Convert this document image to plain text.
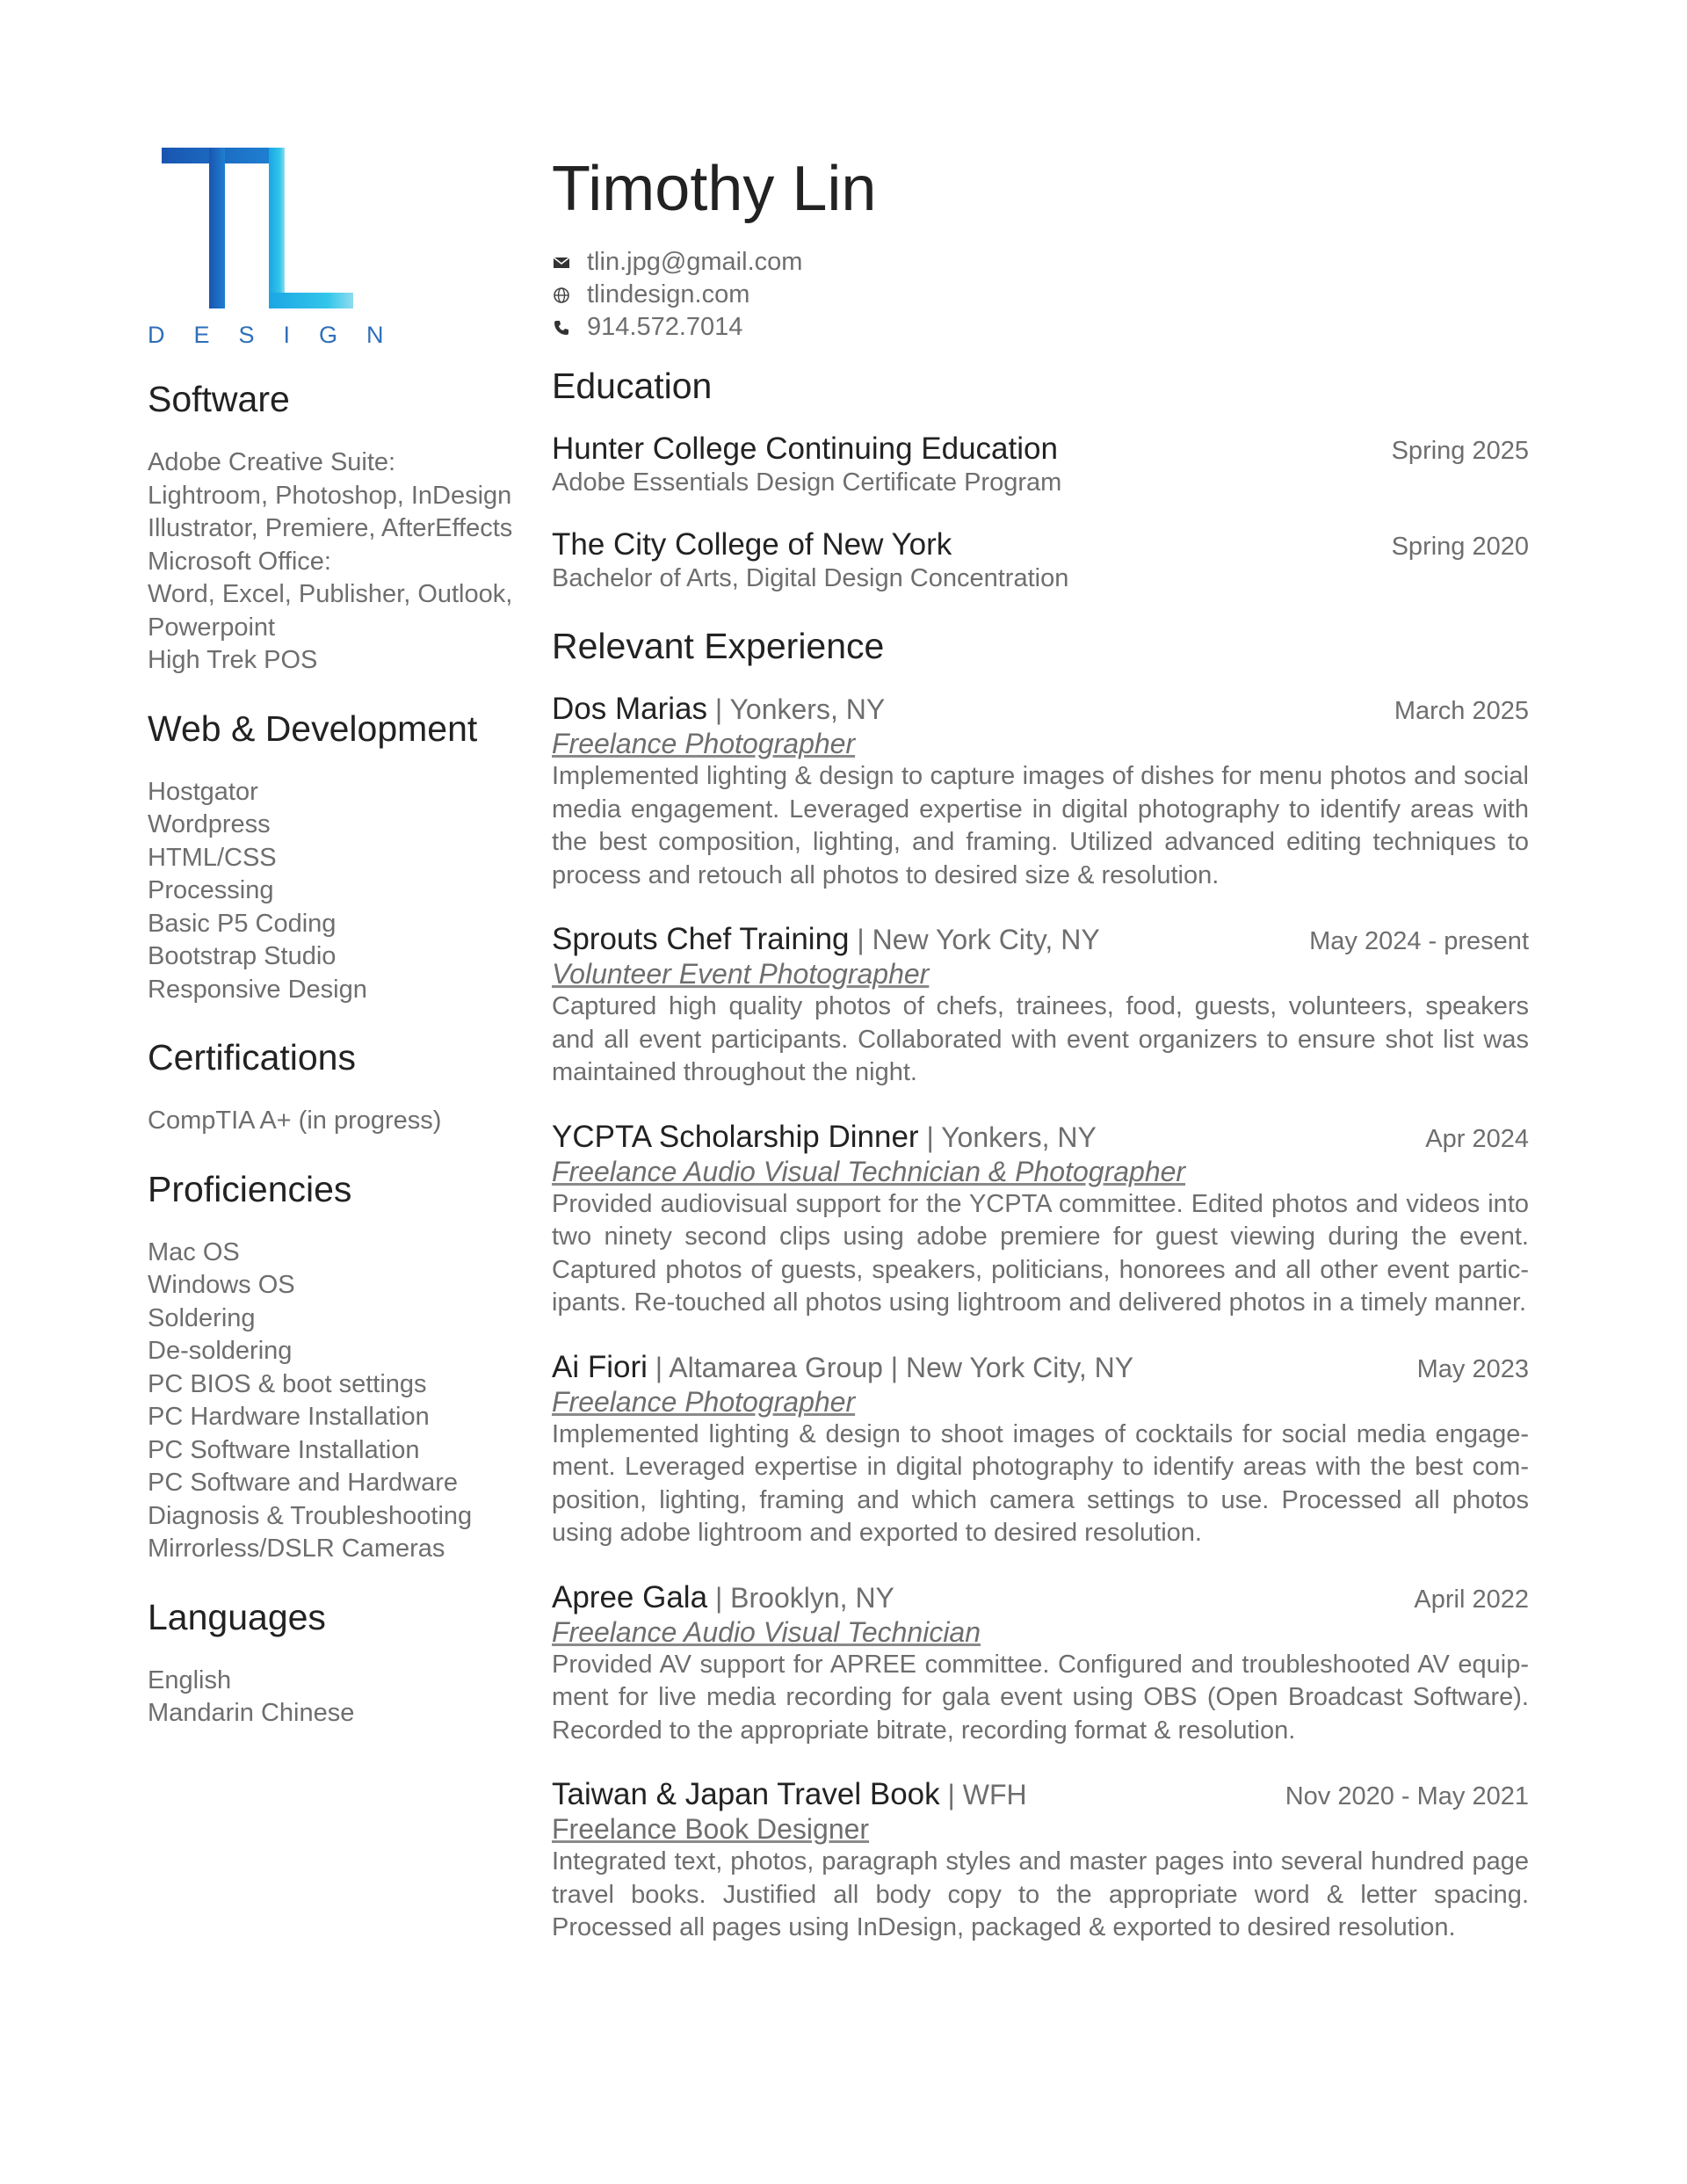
DESIGN
Software
Adobe Creative Suite:
Lightroom, Photoshop, InDesign
Illustrator, Premiere, AfterEffects
Microsoft Office:
Word, Excel, Publisher, Outlook,
Powerpoint
High Trek POS
Web & Development
Hostgator
Wordpress
HTML/CSS
Processing
Basic P5 Coding
Bootstrap Studio
Responsive Design
Certifications
CompTIA A+ (in progress)
Proficiencies
Mac OS
Windows OS
Soldering
De-soldering
PC BIOS & boot settings
PC Hardware Installation
PC Software Installation
PC Software and Hardware
Diagnosis & Troubleshooting
Mirrorless/DSLR Cameras
Languages
English
Mandarin Chinese
Timothy Lin
tlin.jpg@gmail.com
tlindesign.com
914.572.7014
Education
Hunter College Continuing Education	Spring 2025
Adobe Essentials Design Certificate Program
The City College of New York	Spring 2020
Bachelor of Arts, Digital Design Concentration
Relevant Experience
Dos Marias | Yonkers, NY	March 2025
Freelance Photographer
Implemented lighting & design to capture images of dishes for menu photos and social media engagement. Leveraged expertise in digital photography to identify areas with the best composition, lighting, and framing. Utilized advanced editing techniques to process and retouch all photos to desired size & resolution.
Sprouts Chef Training | New York City, NY	May 2024 - present
Volunteer Event Photographer
Captured high quality photos of chefs, trainees, food, guests, volunteers, speakers and all event participants. Collaborated with event organizers to ensure shot list was maintained throughout the night.
YCPTA Scholarship Dinner | Yonkers, NY	Apr 2024
Freelance Audio Visual Technician & Photographer
Provided audiovisual support for the YCPTA committee. Edited photos and videos into two ninety second clips using adobe premiere for guest viewing during the event. Captured photos of guests, speakers, politicians, honorees and all other event partic-ipants. Re-touched all photos using lightroom and delivered photos in a timely manner.
Ai Fiori | Altamarea Group | New York City, NY	May 2023
Freelance Photographer
Implemented lighting & design to shoot images of cocktails for social media engage-ment. Leveraged expertise in digital photography to identify areas with the best com-position, lighting, framing and which camera settings to use. Processed all photos using adobe lightroom and exported to desired resolution.
Apree Gala | Brooklyn, NY	April 2022
Freelance Audio Visual Technician
Provided AV support for APREE committee. Configured and troubleshooted AV equip-ment for live media recording for gala event using OBS (Open Broadcast Software). Recorded to the appropriate bitrate, recording format & resolution.
Taiwan & Japan Travel Book | WFH	Nov 2020 - May 2021
Freelance Book Designer
Integrated text, photos, paragraph styles and master pages into several hundred page travel books. Justified all body copy to the appropriate word & letter spacing. Processed all pages using InDesign, packaged & exported to desired resolution.
